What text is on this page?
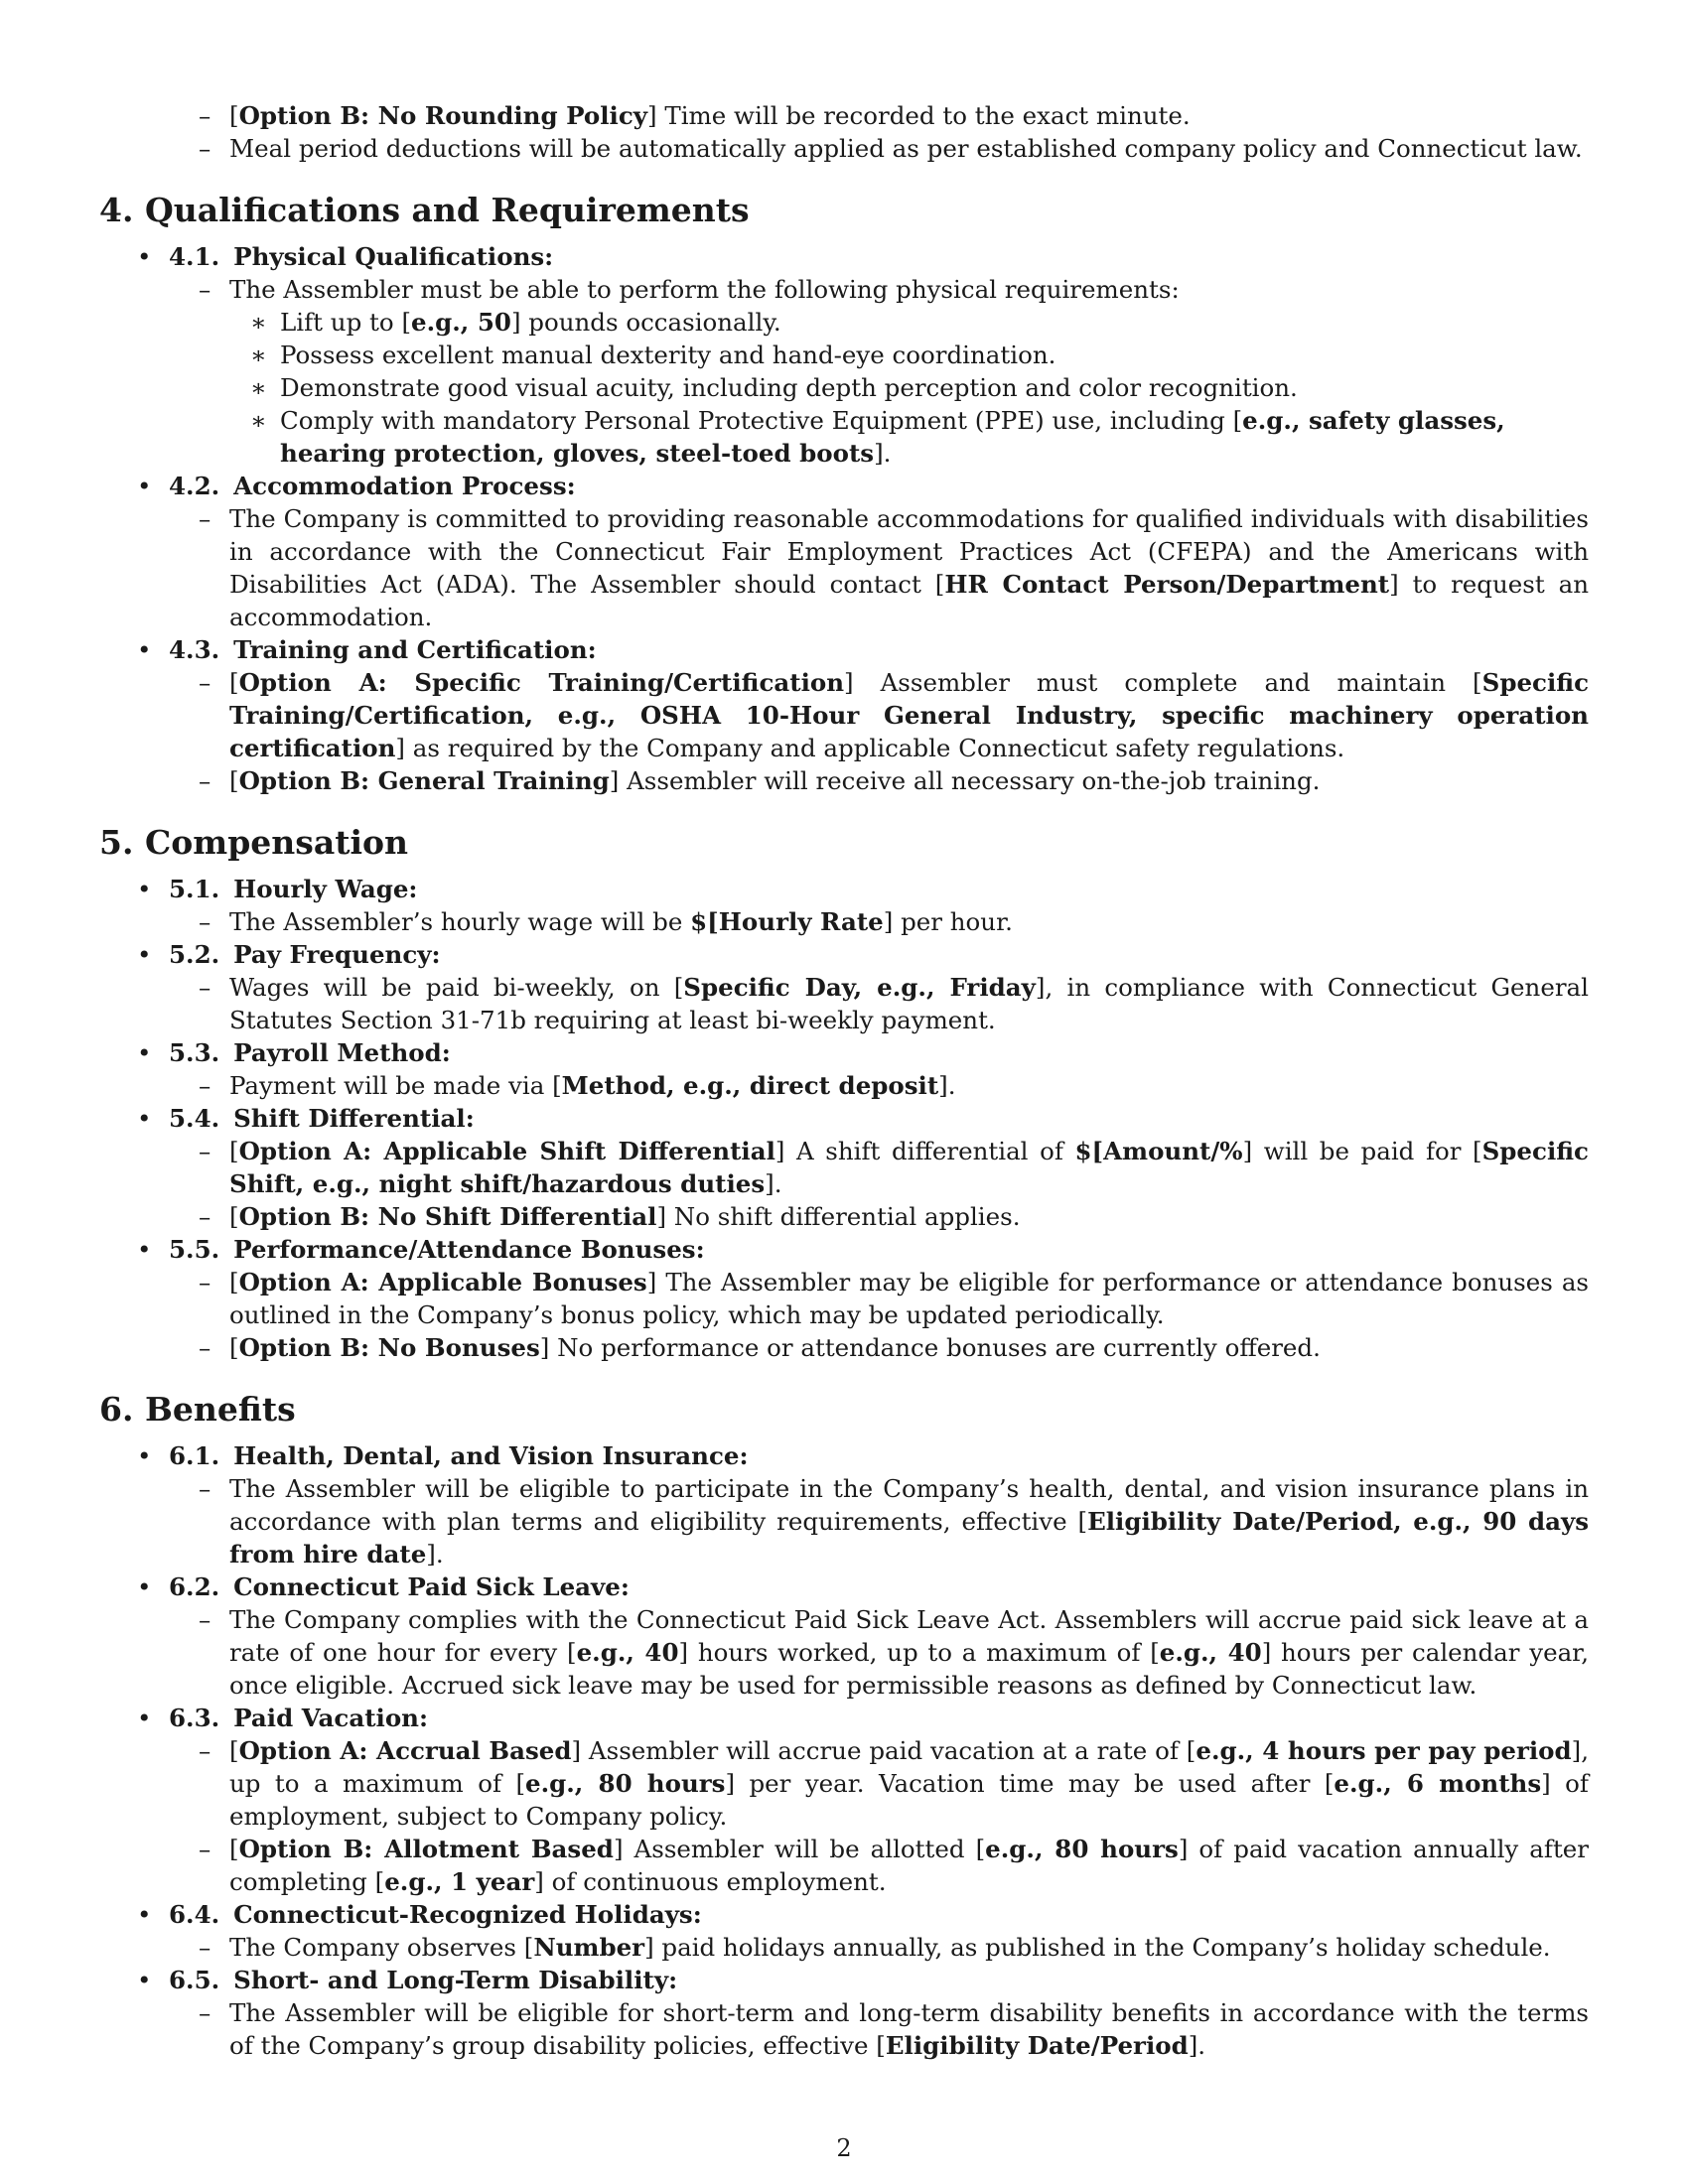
– [Option B: No Rounding Policy] Time will be recorded to the exact minute.
– Meal period deductions will be automatically applied as per established company policy and Connecticut law.
4. Qualifications and Requirements
• 4.1. Physical Qualifications:
– The Assembler must be able to perform the following physical requirements:
∗ Lift up to [e.g., 50] pounds occasionally.
∗ Possess excellent manual dexterity and hand-eye coordination.
∗ Demonstrate good visual acuity, including depth perception and color recognition.
∗ Comply with mandatory Personal Protective Equipment (PPE) use, including [e.g., safety glasses, hearing protection, gloves, steel-toed boots].
• 4.2. Accommodation Process:
– The Company is committed to providing reasonable accommodations for qualified individuals with disabilities in accordance with the Connecticut Fair Employment Practices Act (CFEPA) and the Americans with Disabilities Act (ADA). The Assembler should contact [HR Contact Person/Department] to request an accommodation.
• 4.3. Training and Certification:
– [Option A: Specific Training/Certification] Assembler must complete and maintain [Specific Training/Certification, e.g., OSHA 10-Hour General Industry, specific machinery operation certification] as required by the Company and applicable Connecticut safety regulations.
– [Option B: General Training] Assembler will receive all necessary on-the-job training.
5. Compensation
• 5.1. Hourly Wage:
– The Assembler’s hourly wage will be $[Hourly Rate] per hour.
• 5.2. Pay Frequency:
– Wages will be paid bi-weekly, on [Specific Day, e.g., Friday], in compliance with Connecticut General Statutes Section 31-71b requiring at least bi-weekly payment.
• 5.3. Payroll Method:
– Payment will be made via [Method, e.g., direct deposit].
• 5.4. Shift Differential:
– [Option A: Applicable Shift Differential] A shift differential of $[Amount/%] will be paid for [Specific Shift, e.g., night shift/hazardous duties].
– [Option B: No Shift Differential] No shift differential applies.
• 5.5. Performance/Attendance Bonuses:
– [Option A: Applicable Bonuses] The Assembler may be eligible for performance or attendance bonuses as outlined in the Company’s bonus policy, which may be updated periodically.
– [Option B: No Bonuses] No performance or attendance bonuses are currently offered.
6. Benefits
• 6.1. Health, Dental, and Vision Insurance:
– The Assembler will be eligible to participate in the Company’s health, dental, and vision insurance plans in accordance with plan terms and eligibility requirements, effective [Eligibility Date/Period, e.g., 90 days from hire date].
• 6.2. Connecticut Paid Sick Leave:
– The Company complies with the Connecticut Paid Sick Leave Act. Assemblers will accrue paid sick leave at a rate of one hour for every [e.g., 40] hours worked, up to a maximum of [e.g., 40] hours per calendar year, once eligible. Accrued sick leave may be used for permissible reasons as defined by Connecticut law.
• 6.3. Paid Vacation:
– [Option A: Accrual Based] Assembler will accrue paid vacation at a rate of [e.g., 4 hours per pay period], up to a maximum of [e.g., 80 hours] per year. Vacation time may be used after [e.g., 6 months] of employment, subject to Company policy.
– [Option B: Allotment Based] Assembler will be allotted [e.g., 80 hours] of paid vacation annually after completing [e.g., 1 year] of continuous employment.
• 6.4. Connecticut-Recognized Holidays:
– The Company observes [Number] paid holidays annually, as published in the Company’s holiday schedule.
• 6.5. Short- and Long-Term Disability:
– The Assembler will be eligible for short-term and long-term disability benefits in accordance with the terms of the Company’s group disability policies, effective [Eligibility Date/Period].
2
